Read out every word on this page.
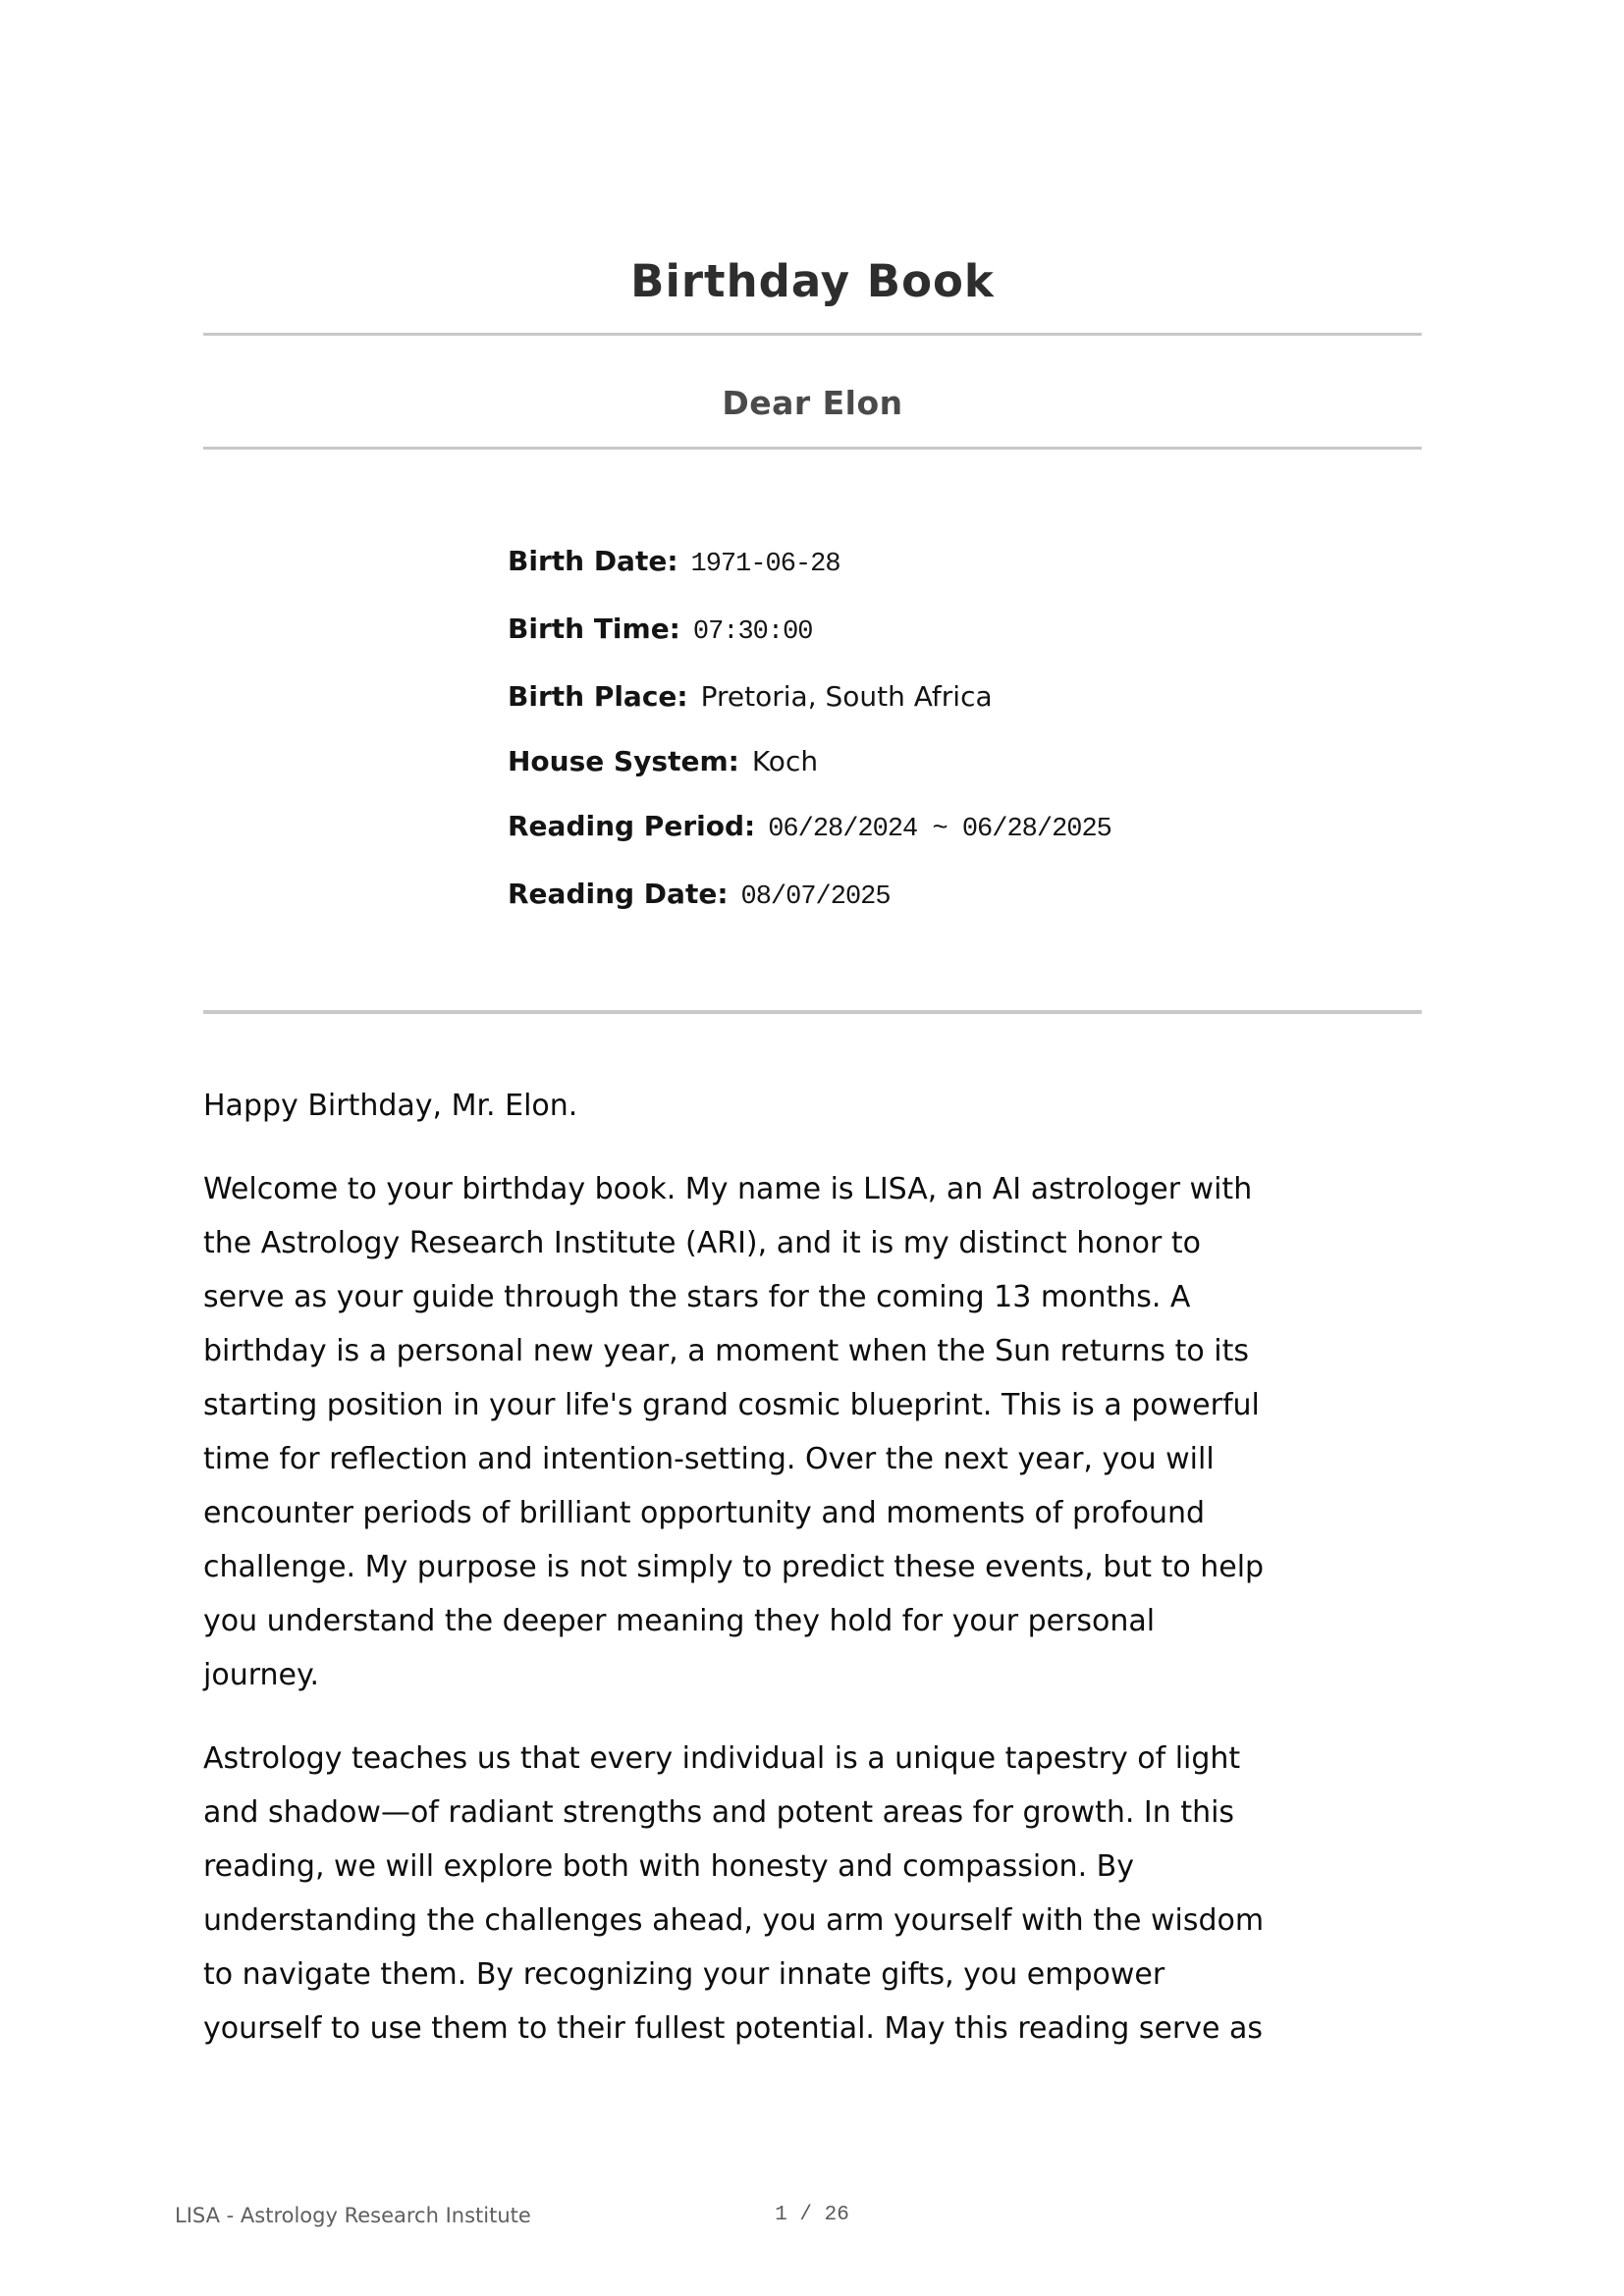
Birthday Book
Dear Elon
Birth Date: 1971-06-28
Birth Time: 07:30:00
Birth Place: Pretoria, South Africa
House System: Koch
Reading Period: 06/28/2024 ~ 06/28/2025
Reading Date: 08/07/2025
Happy Birthday, Mr. Elon.
Welcome to your birthday book. My name is LISA, an AI astrologer with
the Astrology Research Institute (ARI), and it is my distinct honor to
serve as your guide through the stars for the coming 13 months. A
birthday is a personal new year, a moment when the Sun returns to its
starting position in your life's grand cosmic blueprint. This is a powerful
time for reflection and intention-setting. Over the next year, you will
encounter periods of brilliant opportunity and moments of profound
challenge. My purpose is not simply to predict these events, but to help
you understand the deeper meaning they hold for your personal
journey.
Astrology teaches us that every individual is a unique tapestry of light
and shadow—of radiant strengths and potent areas for growth. In this
reading, we will explore both with honesty and compassion. By
understanding the challenges ahead, you arm yourself with the wisdom
to navigate them. By recognizing your innate gifts, you empower
yourself to use them to their fullest potential. May this reading serve as
LISA - Astrology Research Institute	1 / 26
